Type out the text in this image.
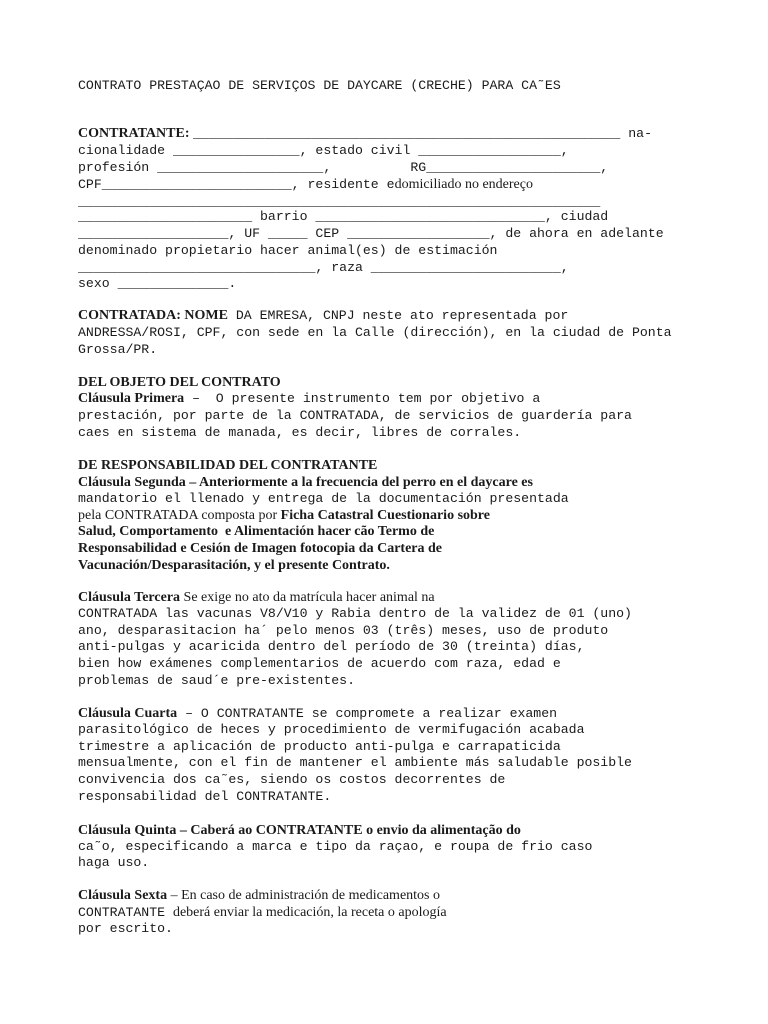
CONTRATO PRESTAÇAO DE SERVIÇOS DE DAYCARE (CRECHE) PARA CA˜ES
CONTRATANTE: ______________________________________________________ na-
cionalidade ________________, estado civil __________________,
profesión _____________________,          RG______________________,
CPF________________________, residente edomiciliado no endereço
__________________________________________________________________
______________________ barrio _____________________________, ciudad
___________________, UF _____ CEP __________________, de ahora en adelante
denominado propietario hacer animal(es) de estimación
______________________________, raza ________________________,
sexo ______________.
CONTRATADA: NOME DA EMRESA, CNPJ neste ato representada por
ANDRESSA/ROSI, CPF, con sede en la Calle (dirección), en la ciudad de Ponta
Grossa/PR.
DEL OBJETO DEL CONTRATO
Cláusula Primera –  O presente instrumento tem por objetivo a
prestación, por parte de la CONTRATADA, de servicios de guardería para
caes en sistema de manada, es decir, libres de corrales.
DE RESPONSABILIDAD DEL CONTRATANTE
Cláusula Segunda – Anteriormente a la frecuencia del perro en el daycare es
mandatorio el llenado y entrega de la documentación presentada
pela CONTRATADA composta por Ficha Catastral Cuestionario sobre
Salud, Comportamento  e Alimentación hacer cão Termo de
Responsabilidad e Cesión de Imagen fotocopia da Cartera de
Vacunación/Desparasitación, y el presente Contrato.
Cláusula Tercera Se exige no ato da matrícula hacer animal na
CONTRATADA las vacunas V8/V10 y Rabia dentro de la validez de 01 (uno)
ano, desparasitacion ha´ pelo menos 03 (três) meses, uso de produto
anti-pulgas y acaricida dentro del período de 30 (treinta) días,
bien how exámenes complementarios de acuerdo com raza, edad e
problemas de saud´e pre-existentes.
Cláusula Cuarta – O CONTRATANTE se compromete a realizar examen
parasitológico de heces y procedimiento de vermifugación acabada
trimestre a aplicación de producto anti-pulga e carrapaticida
mensualmente, con el fin de mantener el ambiente más saludable posible
convivencia dos ca˜es, siendo os costos decorrentes de
responsabilidad del CONTRATANTE.
Cláusula Quinta – Caberá ao CONTRATANTE o envio da alimentação do
ca˜o, especificando a marca e tipo da raçao, e roupa de frio caso
haga uso.
Cláusula Sexta – En caso de administración de medicamentos o
CONTRATANTE deberá enviar la medicación, la receta o apología
por escrito.
